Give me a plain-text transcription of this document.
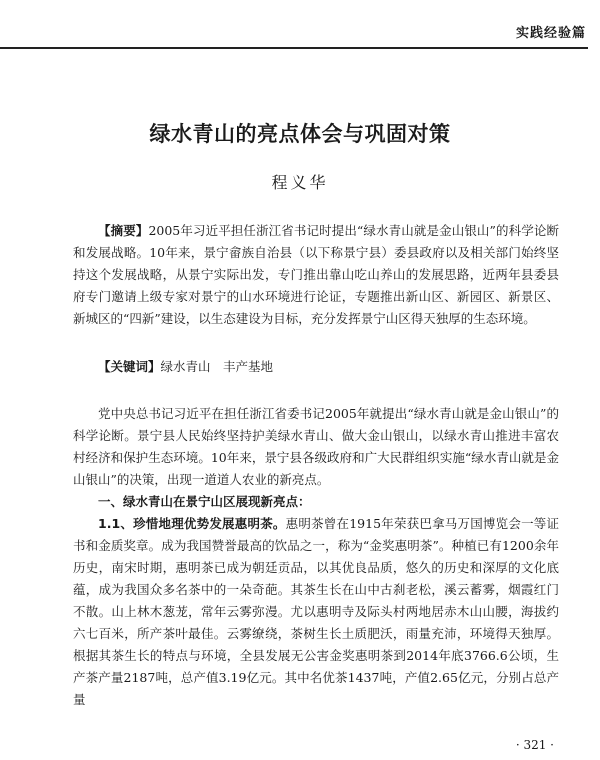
实践经验篇
绿水青山的亮点体会与巩固对策
程义华
【摘要】2005年习近平担任浙江省书记时提出“绿水青山就是金山银山”的科学论断和发展战略。10年来，景宁畲族自治县（以下称景宁县）委县政府以及相关部门始终坚持这个发展战略，从景宁实际出发，专门推出靠山吃山养山的发展思路，近两年县委县府专门邀请上级专家对景宁的山水环境进行论证，专题推出新山区、新园区、新景区、新城区的“四新”建设，以生态建设为目标，充分发挥景宁山区得天独厚的生态环境。
【关键词】绿水青山　丰产基地

党中央总书记习近平在担任浙江省委书记2005年就提出“绿水青山就是金山银山”的科学论断。景宁县人民始终坚持护美绿水青山、做大金山银山，以绿水青山推进丰富农村经济和保护生态环境。10年来，景宁县各级政府和广大民群组织实施“绿水青山就是金山银山”的决策，出现一道道人农业的新亮点。

一、绿水青山在景宁山区展现新亮点：

1.1、珍惜地理优势发展惠明茶。惠明茶曾在1915年荣获巴拿马万国博览会一等证书和金质奖章。成为我国赞誉最高的饮品之一，称为“金奖惠明茶”。种植已有1200余年历史，南宋时期，惠明茶已成为朝廷贡品，以其优良品质，悠久的历史和深厚的文化底蕴，成为我国众多名茶中的一朵奇葩。其茶生长在山中古刹老松，溪云蓄雾，烟霞红门不散。山上林木葱茏，常年云雾弥漫。尤以惠明寺及际头村两地居赤木山山腰，海拔约六七百米，所产茶叶最佳。云雾缭绕，茶树生长土质肥沃，雨量充沛，环境得天独厚。根据其茶生长的特点与环境，全县发展无公害金奖惠明茶到2014年底3766.6公顷，生产茶产量2187吨，总产值3.19亿元。其中名优茶1437吨，产值2.65亿元，分别占总产量

· 321 ·
